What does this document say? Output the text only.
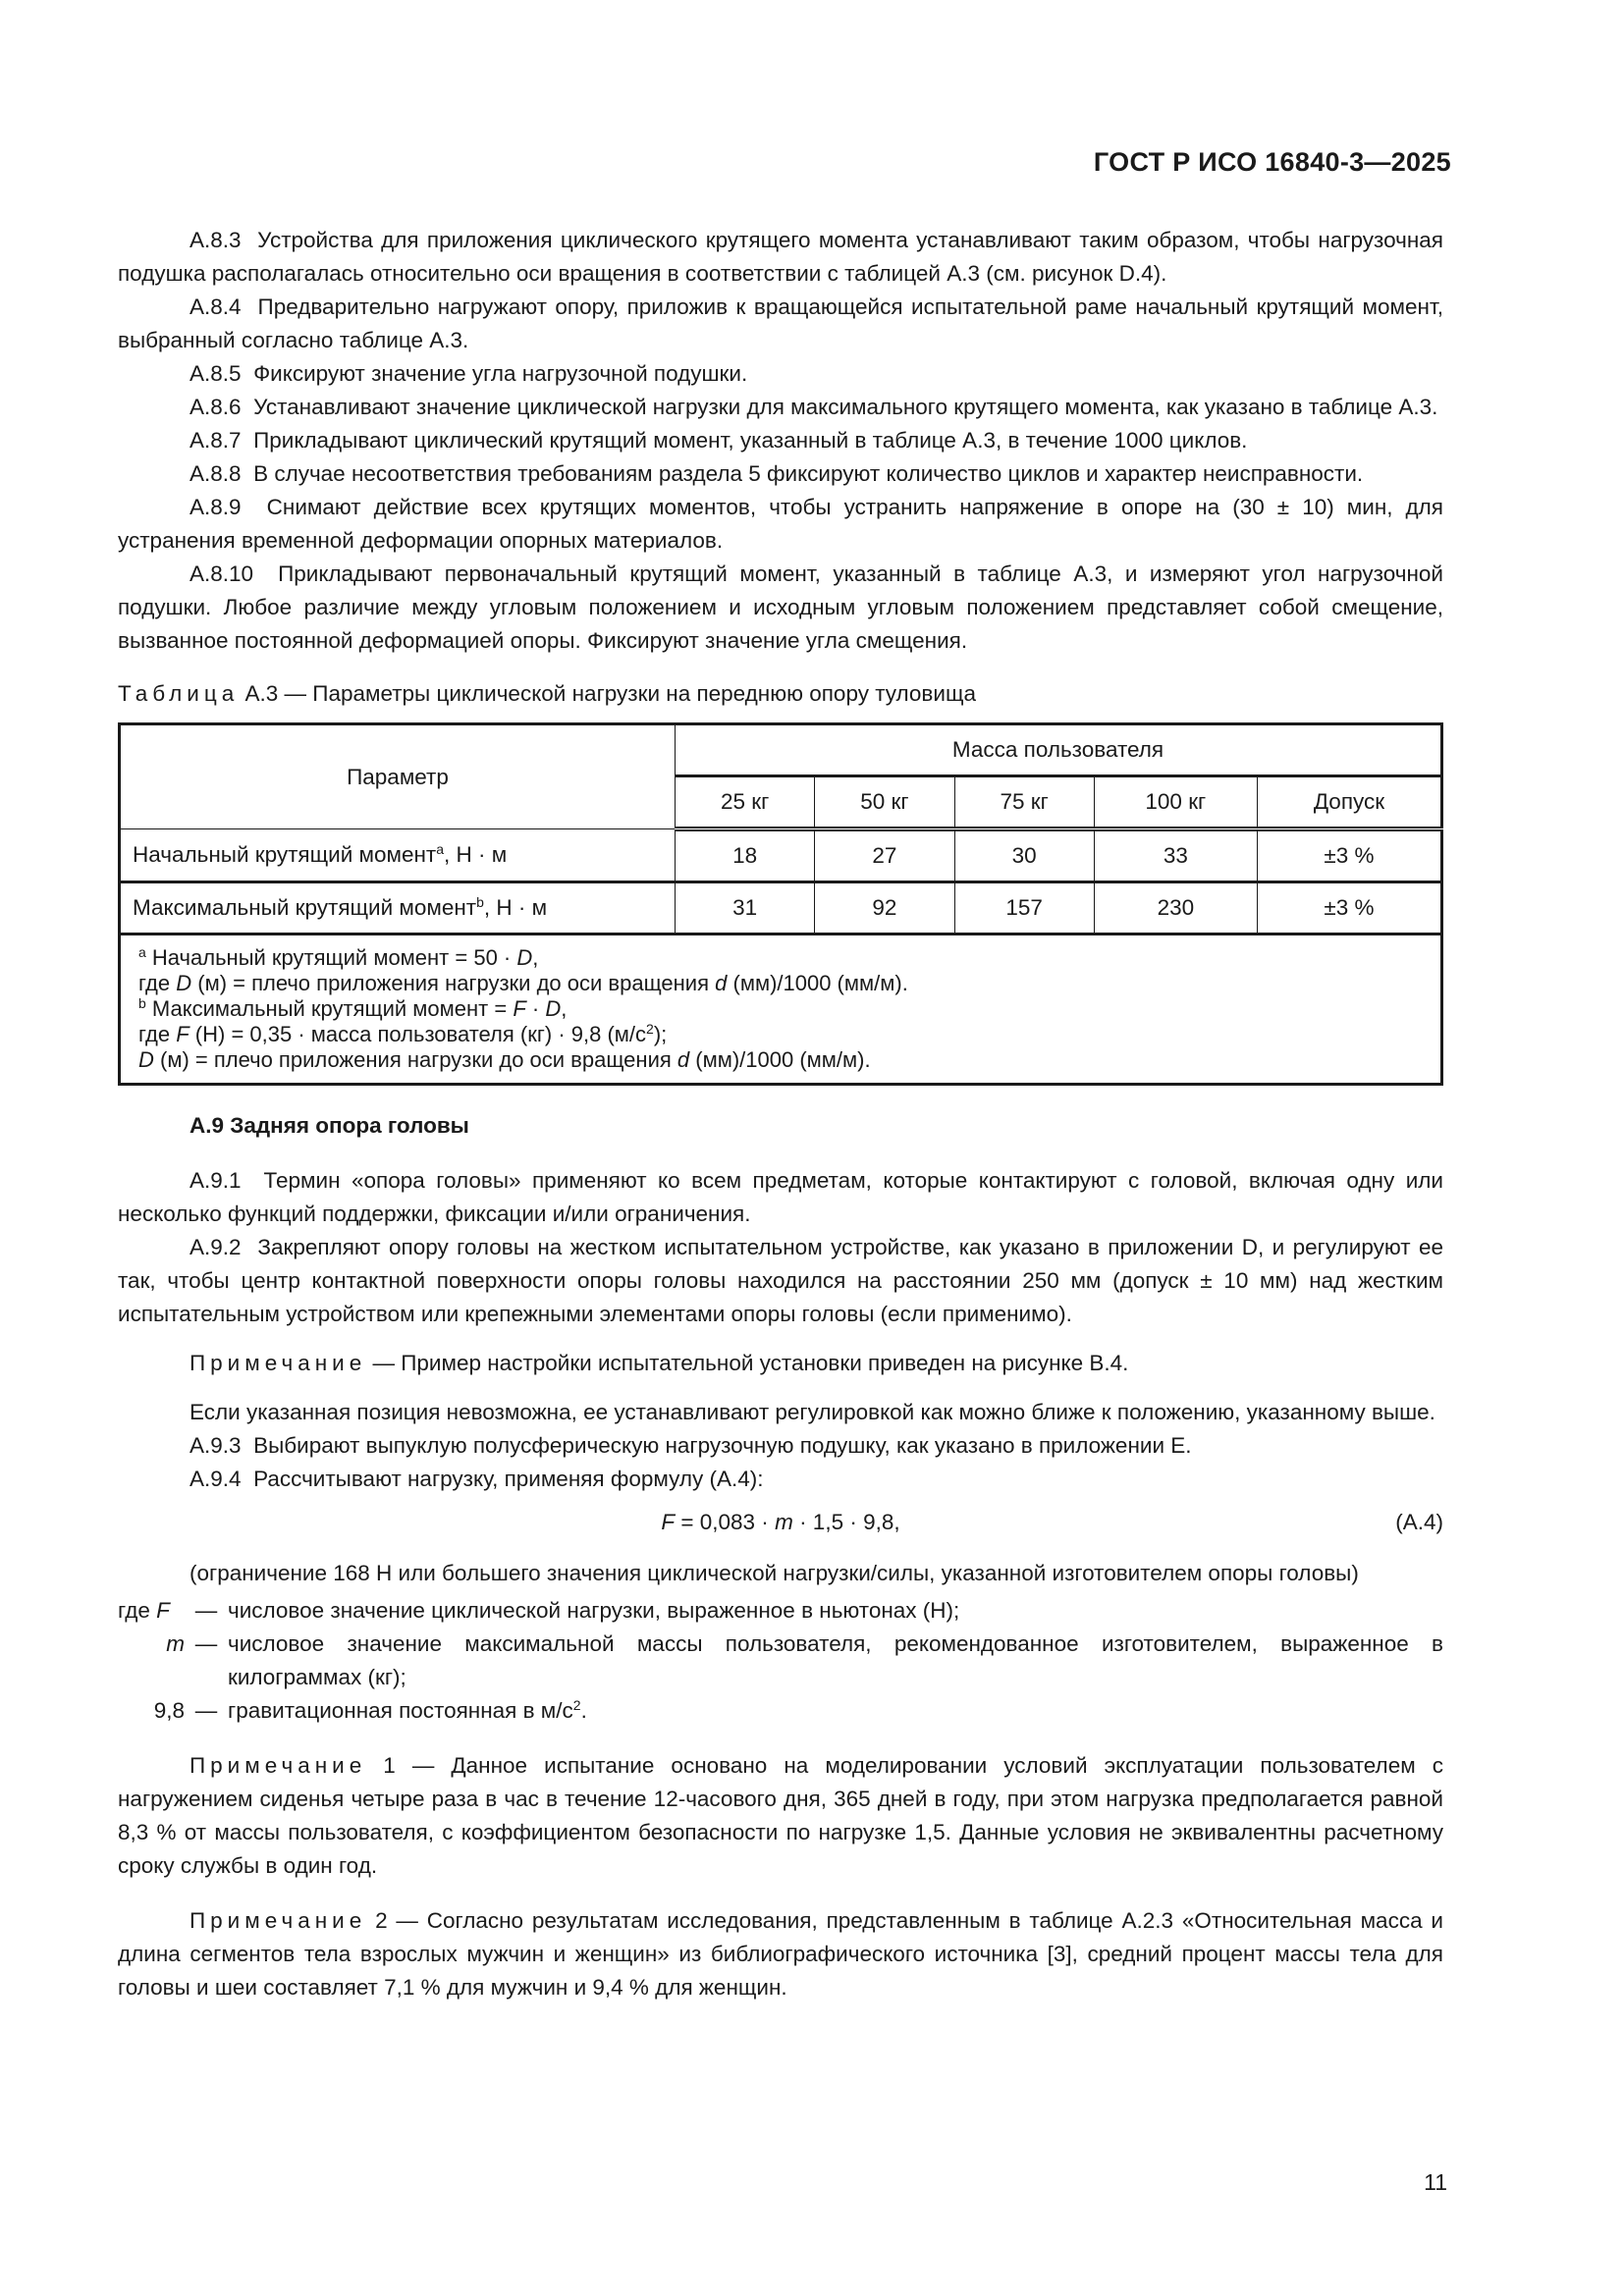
ГОСТ Р ИСО 16840-3—2025

А.8.3 Устройства для приложения циклического крутящего момента устанавливают таким образом, чтобы нагрузочная подушка располагалась относительно оси вращения в соответствии с таблицей А.3 (см. рисунок D.4).

А.8.4 Предварительно нагружают опору, приложив к вращающейся испытательной раме начальный крутящий момент, выбранный согласно таблице А.3.

А.8.5 Фиксируют значение угла нагрузочной подушки.

А.8.6 Устанавливают значение циклической нагрузки для максимального крутящего момента, как указано в таблице А.3.

А.8.7 Прикладывают циклический крутящий момент, указанный в таблице А.3, в течение 1000 циклов.

А.8.8 В случае несоответствия требованиям раздела 5 фиксируют количество циклов и характер неисправности.

А.8.9 Снимают действие всех крутящих моментов, чтобы устранить напряжение в опоре на (30 ± 10) мин, для устранения временной деформации опорных материалов.

А.8.10 Прикладывают первоначальный крутящий момент, указанный в таблице А.3, и измеряют угол нагрузочной подушки. Любое различие между угловым положением и исходным угловым положением представляет собой смещение, вызванное постоянной деформацией опоры. Фиксируют значение угла смещения.

Таблица А.3 — Параметры циклической нагрузки на переднюю опору туловища

Параметр	Масса пользователя				
	25 кг	50 кг	75 кг	100 кг	Допуск
Начальный крутящий момент$^a$, Н · м	18	27	30	33	±3 %
Максимальный крутящий момент$^b$, Н · м	31	92	157	230	±3 %

$^a$ Начальный крутящий момент = 50 · D,
где D (м) = плечо приложения нагрузки до оси вращения d (мм)/1000 (мм/м).
$^b$ Максимальный крутящий момент = F · D,
где F (Н) = 0,35 · масса пользователя (кг) · 9,8 $(м/с^2)$;
D (м) = плечо приложения нагрузки до оси вращения d (мм)/1000 (мм/м).					
А.9 Задняя опора головы

А.9.1 Термин «опора головы» применяют ко всем предметам, которые контактируют с головой, включая одну или несколько функций поддержки, фиксации и/или ограничения.

А.9.2 Закрепляют опору головы на жестком испытательном устройстве, как указано в приложении D, и регулируют ее так, чтобы центр контактной поверхности опоры головы находился на расстоянии 250 мм (допуск ± 10 мм) над жестким испытательным устройством или крепежными элементами опоры головы (если применимо).

Примечание — Пример настройки испытательной установки приведен на рисунке В.4.

Если указанная позиция невозможна, ее устанавливают регулировкой как можно ближе к положению, указанному выше.

А.9.3 Выбирают выпуклую полусферическую нагрузочную подушку, как указано в приложении Е.

А.9.4 Рассчитывают нагрузку, применяя формулу (А.4):

F = 0,083 · m · 1,5 · 9,8,	(А.4)

(ограничение 168 Н или большего значения циклической нагрузки/силы, указанной изготовителем опоры головы)

где F	— числовое значение циклической нагрузки, выраженное в ньютонах (Н);
m — числовое значение максимальной массы пользователя, рекомендованное изготовителем, выраженное в килограммах (кг);
9,8 — гравитационная постоянная в $м/с^2$.

Примечание 1 — Данное испытание основано на моделировании условий эксплуатации пользователем с нагружением сиденья четыре раза в час в течение 12-часового дня, 365 дней в году, при этом нагрузка предполагается равной 8,3 % от массы пользователя, с коэффициентом безопасности по нагрузке 1,5. Данные условия не эквивалентны расчетному сроку службы в один год.

Примечание 2 — Согласно результатам исследования, представленным в таблице А.2.3 «Относительная масса и длина сегментов тела взрослых мужчин и женщин» из библиографического источника [3], средний процент массы тела для головы и шеи составляет 7,1 % для мужчин и 9,4 % для женщин.

11
